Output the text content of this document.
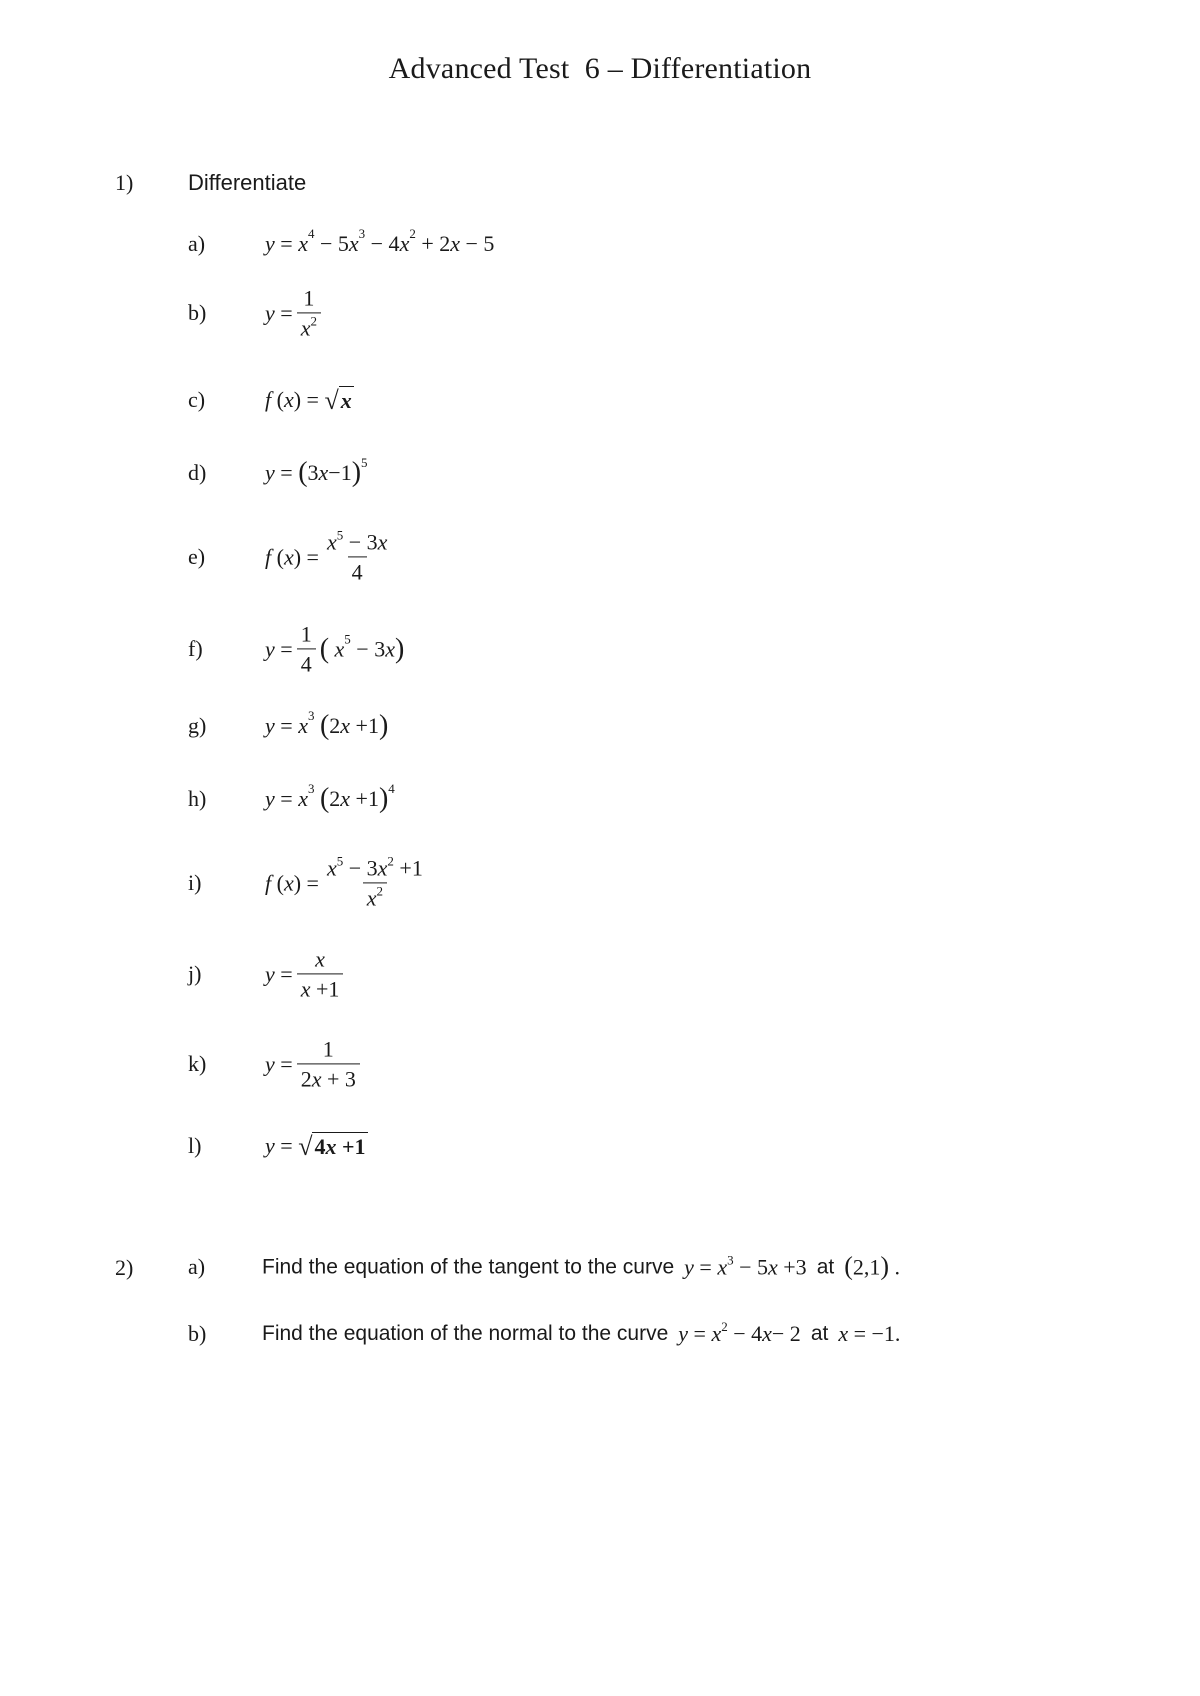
Advanced Test  6 – Differentiation
1) Differentiate
a)	$y = x^4 - 5$ $x^3 - 4$ $x^2 + 2$ x − 5
b)	$y = \frac{1}{x^2}$
c)	f ( x ) = √ x
d)	y = ( 3 x −1 )$^5$
e)	f ( x ) = $\frac{x^5 - 3x}{4}$
f)	$y = \frac{1}{4}$ (
$x^5 - 3$ x )
g)	$y = x^3$
( 2 x +1 )
h)	$y = x^3$
( 2 x +1 )$^4$
i)	f ( x ) = $\frac{x^5 - 3x^2 +1}{x^2}$
j)	$y = \frac{x}{x +1}$
k)	$y = \frac{1}{2x + 3}$
l)	y = √ 4x +1
2) a)	Find the equation of the tangent to the curve $y = x^3 - 5x +3$ at (2,1) .
b)	Find the equation of the normal to the curve $y = x^2 - 4x- 2$ at x = −1.
